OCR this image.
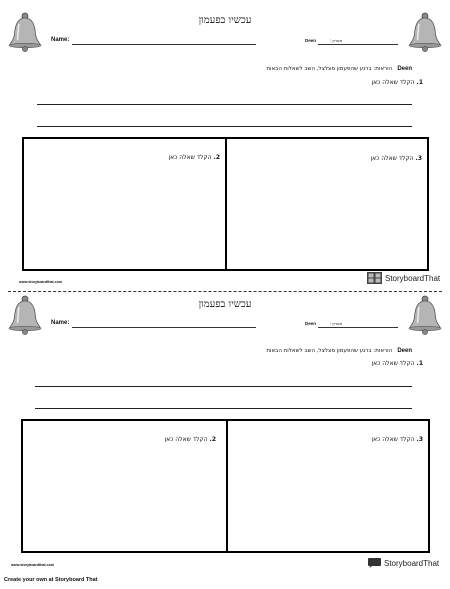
עכשיו בפעמון
Name:	Deen	תאריך:
הוראות: ברגע שהפעמון מצלצל, השב לשאלות הבאות Deen
1. הקלד שאלה כאן
2. הקלד שאלה כאן	3. הקלד שאלה כאן
www.storyboardthat.com	StoryboardThat
עכשיו בפעמון
Name:	Deen	תאריך:
הוראות: ברגע שהפעמון מצלצל, השב לשאלות הבאות Deen
1. הקלד שאלה כאן
2. הקלד שאלה כאן	3. הקלד שאלה כאן
www.storyboardthat.com	StoryboardThat
Create your own at Storyboard That
